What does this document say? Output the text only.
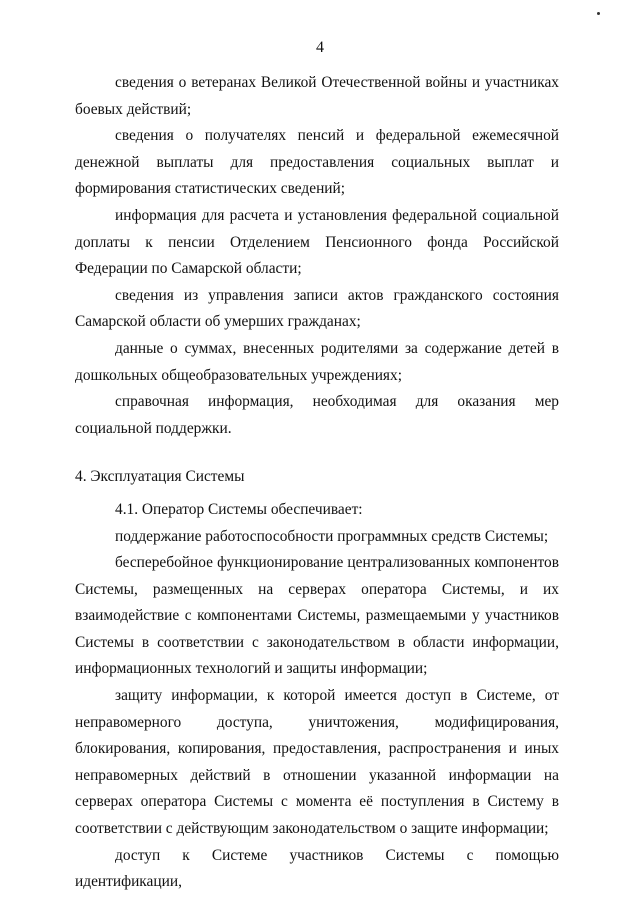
4

сведения о ветеранах Великой Отечественной войны и участниках боевых действий;

сведения о получателях пенсий и федеральной ежемесячной денежной выплаты для предоставления социальных выплат и формирования статистических сведений;

информация для расчета и установления федеральной социальной доплаты к пенсии Отделением Пенсионного фонда Российской Федерации по Самарской области;

сведения из управления записи актов гражданского состояния Самарской области об умерших гражданах;

данные о суммах, внесенных родителями за содержание детей в дошкольных общеобразовательных учреждениях;

справочная информация, необходимая для оказания мер социальной поддержки.

4. Эксплуатация Системы

4.1. Оператор Системы обеспечивает:

поддержание работоспособности программных средств Системы;

бесперебойное функционирование централизованных компонентов Системы, размещенных на серверах оператора Системы, и их взаимодействие с компонентами Системы, размещаемыми у участников Системы в соответствии с законодательством в области информации, информационных технологий и защиты информации;

защиту информации, к которой имеется доступ в Системе, от неправомерного доступа, уничтожения, модифицирования, блокирования, копирования, предоставления, распространения и иных неправомерных действий в отношении указанной информации на серверах оператора Системы с момента её поступления в Систему в соответствии с действующим законодательством о защите информации;

доступ к Системе участников Системы с помощью идентификации,
